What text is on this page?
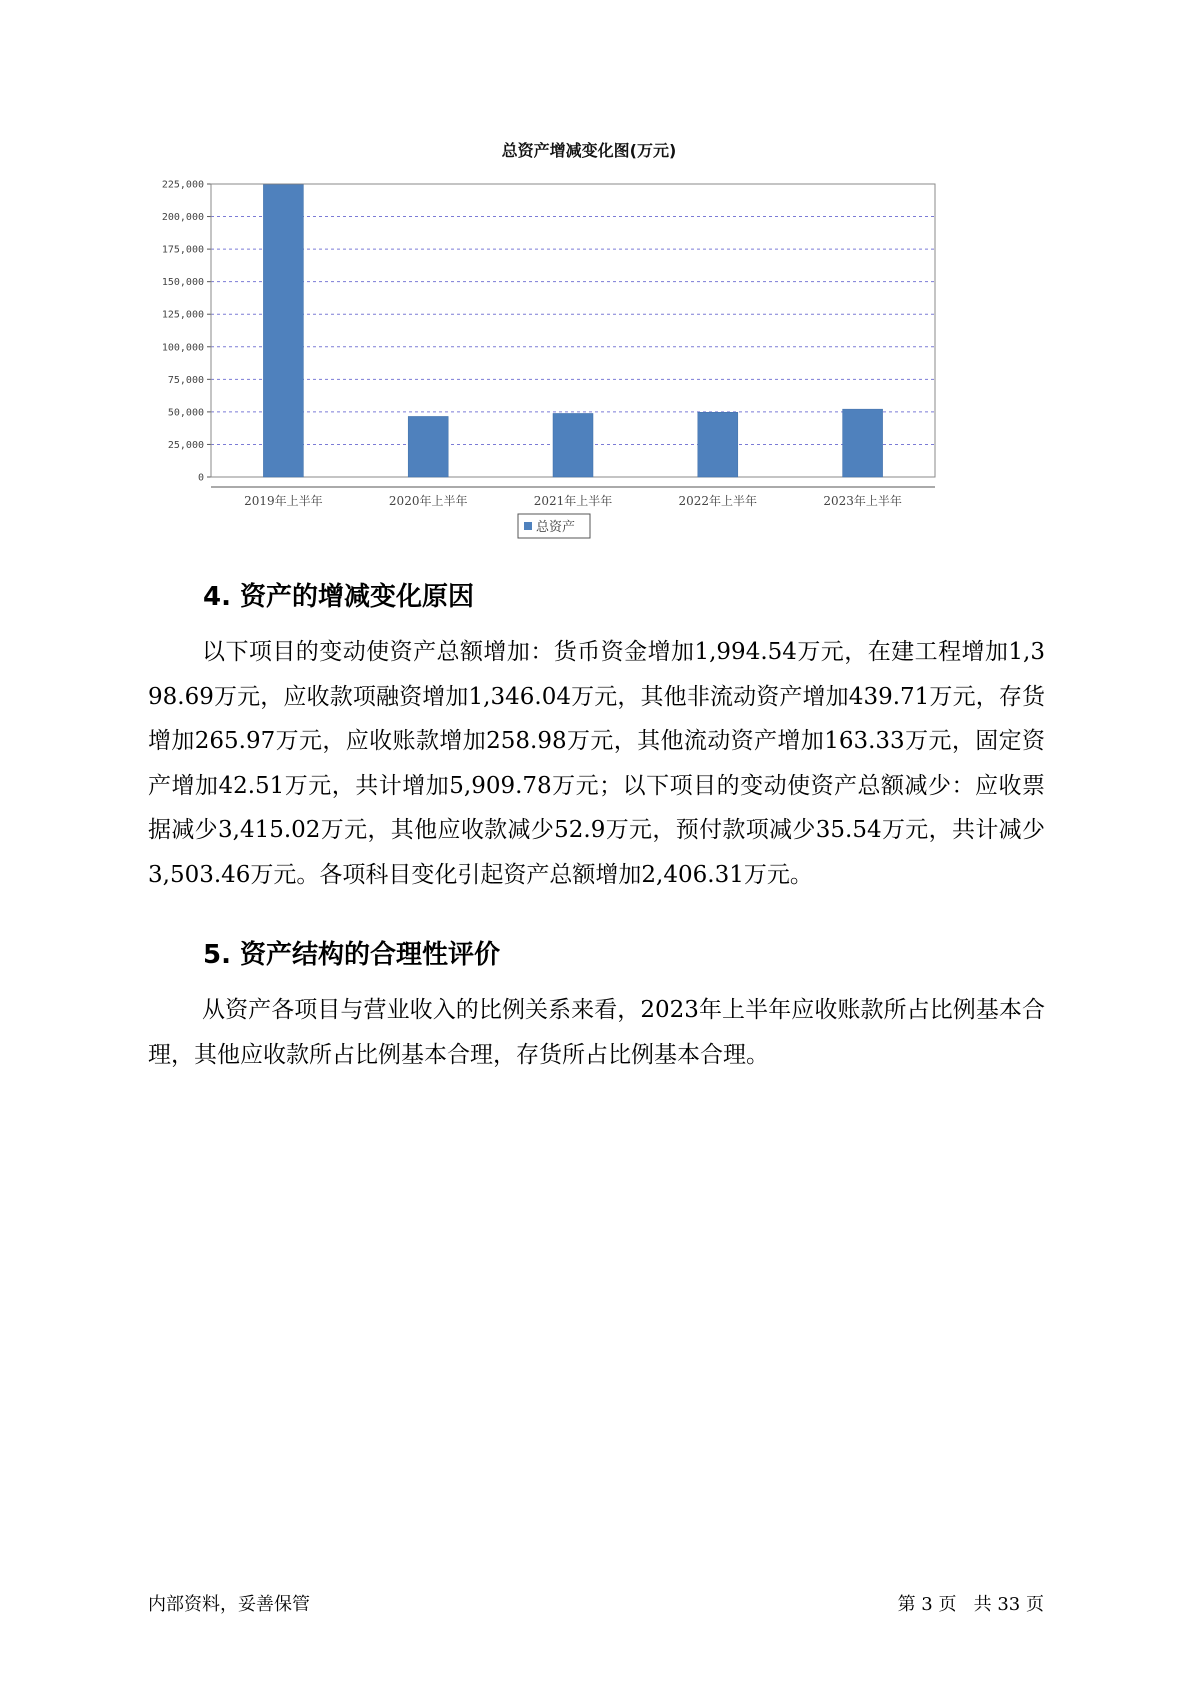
总资产增减变化图(万元)
0
25,000
50,000
75,000
100,000
125,000
150,000
175,000
200,000
225,000
2019年上半年	2020年上半年	2021年上半年	2022年上半年	2023年上半年
总资产
4. 资产的增减变化原因

以下项目的变动使资产总额增加：货币资金增加1,994.54万元，在建工程增加1,398.69万元，应收款项融资增加1,346.04万元，其他非流动资产增加439.71万元，存货增加265.97万元，应收账款增加258.98万元，其他流动资产增加163.33万元，固定资产增加42.51万元，共计增加5,909.78万元；以下项目的变动使资产总额减少：应收票据减少3,415.02万元，其他应收款减少52.9万元，预付款项减少35.54万元，共计减少3,503.46万元。各项科目变化引起资产总额增加2,406.31万元。

5. 资产结构的合理性评价

从资产各项目与营业收入的比例关系来看，2023年上半年应收账款所占比例基本合理，其他应收款所占比例基本合理，存货所占比例基本合理。

内部资料，妥善保管	第 3 页   共 33 页
